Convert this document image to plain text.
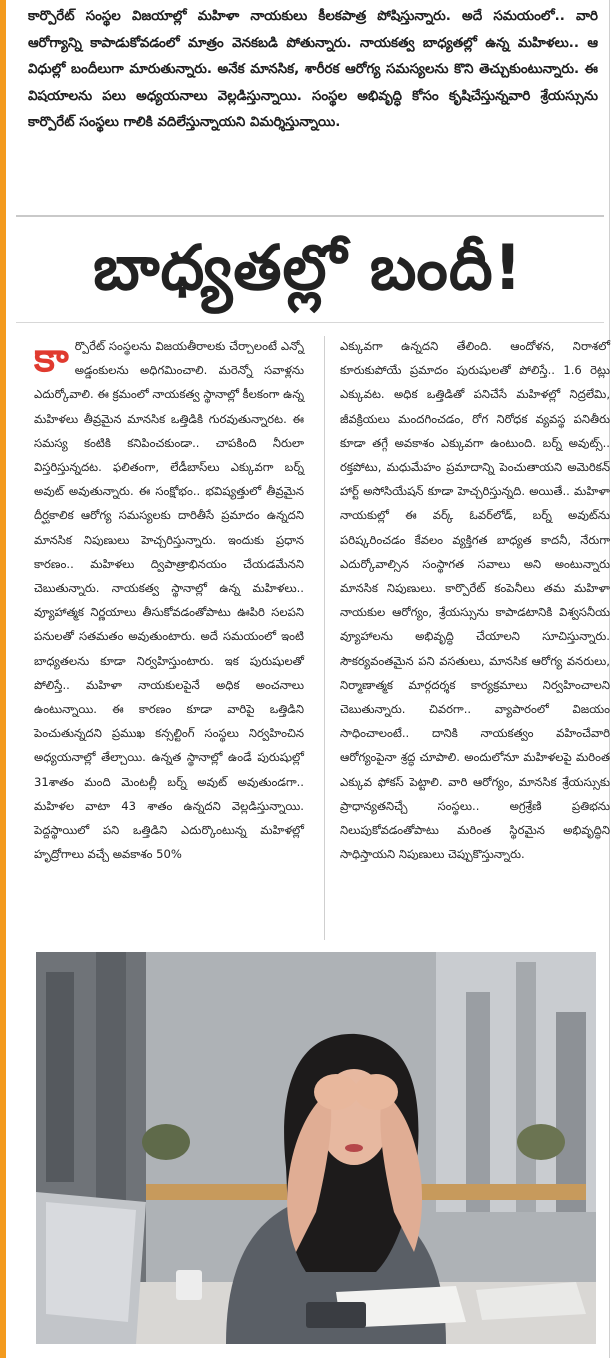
కార్పొరేట్ సంస్థల విజయాల్లో మహిళా నాయకులు కీలకపాత్ర పోషిస్తున్నారు. అదే సమయంలో.. వారి ఆరోగ్యాన్ని కాపాడుకోవడంలో మాత్రం వెనకబడి పోతున్నారు. నాయకత్వ బాధ్యతల్లో ఉన్న మహిళలు.. ఆ విధుల్లో బందీలుగా మారుతున్నారు. అనేక మానసిక, శారీరక ఆరోగ్య సమస్యలను కొని తెచ్చుకుంటున్నారు. ఈ విషయాలను పలు అధ్యయనాలు వెల్లడిస్తున్నాయి. సంస్థల అభివృద్ధి కోసం కృషిచేస్తున్నవారి శ్రేయస్సును కార్పొరేట్ సంస్థలు గాలికి వదిలేస్తున్నాయని విమర్శిస్తున్నాయి.
బాధ్యతల్లో బందీ!
కార్పొరేట్ సంస్థలను విజయతీరాలకు చేర్చాలంటే ఎన్నో అడ్డంకులను అధిగమించాలి. మరెన్నో సవాళ్లను ఎదుర్కోవాలి. ఈ క్రమంలో నాయకత్వ స్థానాల్లో కీలకంగా ఉన్న మహిళలు తీవ్రమైన మానసిక ఒత్తిడికి గురవుతున్నారట. ఈ సమస్య కంటికి కనిపించకుండా.. చాపకింది నీరులా విస్తరిస్తున్నదట. ఫలితంగా, లేడీబాస్‌లు ఎక్కువగా బర్న్ అవుట్ అవుతున్నారు. ఈ సంక్షోభం.. భవిష్యత్తులో తీవ్రమైన దీర్ఘకాలిక ఆరోగ్య సమస్యలకు దారితీసే ప్రమాదం ఉన్నదని మానసిక నిపుణులు హెచ్చరిస్తున్నారు. ఇందుకు ప్రధాన కారణం.. మహిళలు ద్విపాత్రాభినయం చేయడమేనని చెబుతున్నారు. నాయకత్వ స్థానాల్లో ఉన్న మహిళలు.. వ్యూహాత్మక నిర్ణయాలు తీసుకోవడంతోపాటు ఊపిరి సలపని పనులతో సతమతం అవుతుంటారు. అదే సమయంలో ఇంటి బాధ్యతలను కూడా నిర్వహిస్తుంటారు. ఇక పురుషులతో పోలిస్తే.. మహిళా నాయకులపైనే అధిక అంచనాలు ఉంటున్నాయి. ఈ కారణం కూడా వారిపై ఒత్తిడిని పెంచుతున్నదని ప్రముఖ కన్సల్టింగ్ సంస్థలు నిర్వహించిన అధ్యయనాల్లో తేల్చాయి. ఉన్నత స్థానాల్లో ఉండే పురుషుల్లో 31శాతం మంది మెంటల్లీ బర్న్ అవుట్ అవుతుండగా.. మహిళల వాటా 43 శాతం ఉన్నదని వెల్లడిస్తున్నాయి. పెద్దస్థాయిలో పని ఒత్తిడిని ఎదుర్కొంటున్న మహిళల్లో హృద్రోగాలు వచ్చే అవకాశం 50%
ఎక్కువగా ఉన్నదని తేలింది. ఆందోళన, నిరాశలో కూరుకుపోయే ప్రమాదం పురుషులతో పోలిస్తే.. 1.6 రెట్లు ఎక్కువట. అధిక ఒత్తిడితో పనిచేసే మహిళల్లో నిద్రలేమి, జీవక్రియలు మందగించడం, రోగ నిరోధక వ్యవస్థ పనితీరు కూడా తగ్గే అవకాశం ఎక్కువగా ఉంటుంది. బర్న్ అవుట్స్.. రక్తపోటు, మధుమేహం ప్రమాదాన్ని పెంచుతాయని అమెరికన్ హార్ట్ అసోసియేషన్ కూడా హెచ్చరిస్తున్నది. అయితే.. మహిళా నాయకుల్లో ఈ వర్క్ ఓవర్‌లోడ్, బర్న్ అవుట్‌ను పరిష్కరించడం కేవలం వ్యక్తిగత బాధ్యత కాదనీ, నేరుగా ఎదుర్కోవాల్సిన సంస్థాగత సవాలు అని అంటున్నారు మానసిక నిపుణులు. కార్పొరేట్ కంపెనీలు తమ మహిళా నాయకుల ఆరోగ్యం, శ్రేయస్సును కాపాడటానికి విశ్వసనీయ వ్యూహాలను అభివృద్ధి చేయాలని సూచిస్తున్నారు. సౌకర్యవంతమైన పని వసతులు, మానసిక ఆరోగ్య వనరులు, నిర్మాణాత్మక మార్గదర్శక కార్యక్రమాలు నిర్వహించాలని చెబుతున్నారు. చివరగా.. వ్యాపారంలో విజయం సాధించాలంటే.. దానికి నాయకత్వం వహించేవారి ఆరోగ్యంపైనా శ్రద్ధ చూపాలి. అందులోనూ మహిళలపై మరింత ఎక్కువ ఫోకస్ పెట్టాలి. వారి ఆరోగ్యం, మానసిక శ్రేయస్సుకు ప్రాధాన్యతనిచ్చే సంస్థలు.. అగ్రశ్రేణి ప్రతిభను నిలుపుకోవడంతోపాటు మరింత స్థిరమైన అభివృద్ధిని సాధిస్తాయని నిపుణులు చెప్పుకొస్తున్నారు.
